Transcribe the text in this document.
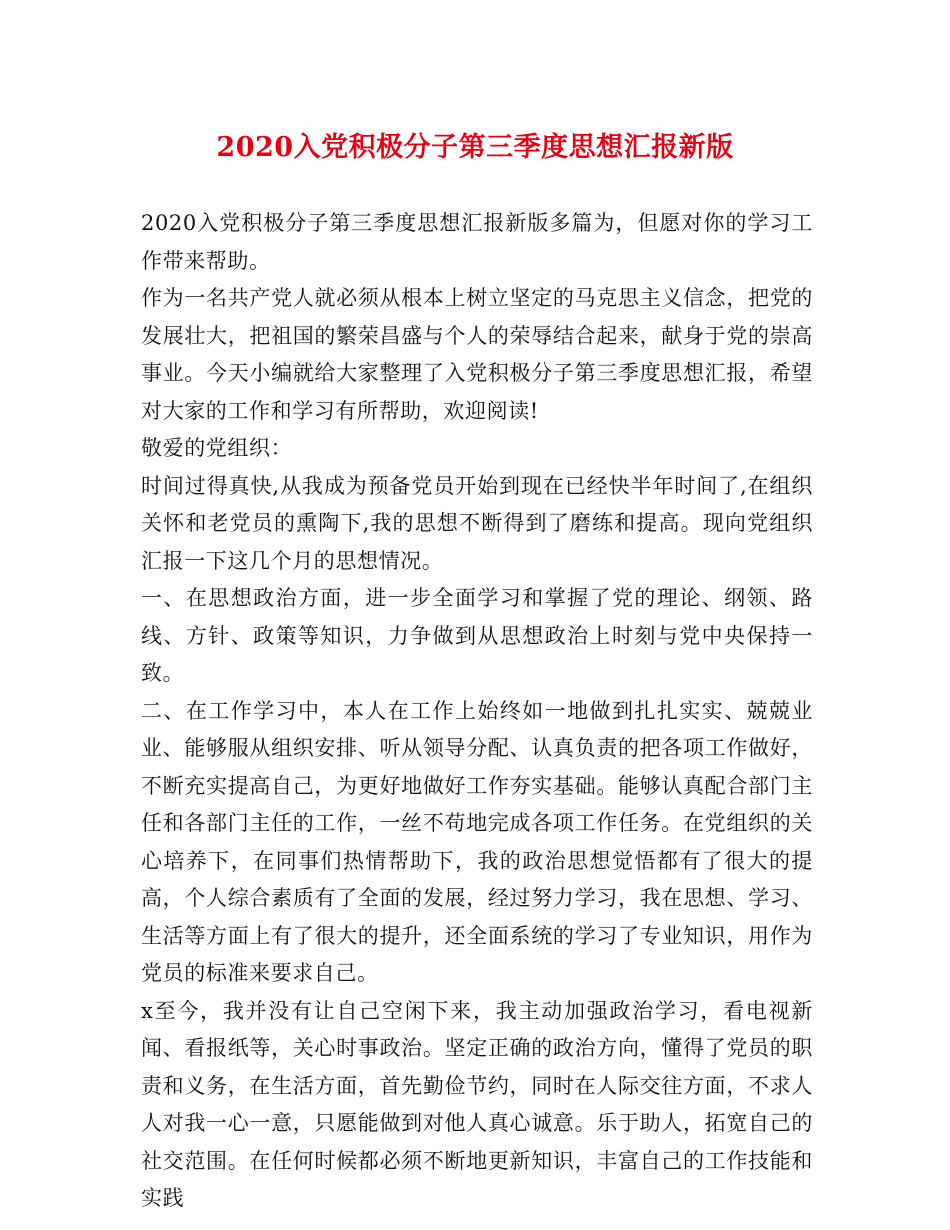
2020入党积极分子第三季度思想汇报新版

2020入党积极分子第三季度思想汇报新版多篇为，但愿对你的学习工作带来帮助。

作为一名共产党人就必须从根本上树立坚定的马克思主义信念，把党的发展壮大，把祖国的繁荣昌盛与个人的荣辱结合起来，献身于党的崇高事业。今天小编就给大家整理了入党积极分子第三季度思想汇报，希望对大家的工作和学习有所帮助，欢迎阅读!

敬爱的党组织：

时间过得真快,从我成为预备党员开始到现在已经快半年时间了,在组织关怀和老党员的熏陶下,我的思想不断得到了磨练和提高。现向党组织汇报一下这几个月的思想情况。

一、在思想政治方面，进一步全面学习和掌握了党的理论、纲领、路线、方针、政策等知识，力争做到从思想政治上时刻与党中央保持一致。

二、在工作学习中，本人在工作上始终如一地做到扎扎实实、兢兢业业、能够服从组织安排、听从领导分配、认真负责的把各项工作做好，不断充实提高自己，为更好地做好工作夯实基础。能够认真配合部门主任和各部门主任的工作，一丝不苟地完成各项工作任务。在党组织的关心培养下，在同事们热情帮助下，我的政治思想觉悟都有了很大的提高，个人综合素质有了全面的发展，经过努力学习，我在思想、学习、生活等方面上有了很大的提升，还全面系统的学习了专业知识，用作为党员的标准来要求自己。

x至今，我并没有让自己空闲下来，我主动加强政治学习，看电视新闻、看报纸等，关心时事政治。坚定正确的政治方向，懂得了党员的职责和义务，在生活方面，首先勤俭节约，同时在人际交往方面，不求人人对我一心一意，只愿能做到对他人真心诚意。乐于助人，拓宽自己的社交范围。在任何时候都必须不断地更新知识，丰富自己的工作技能和实践
